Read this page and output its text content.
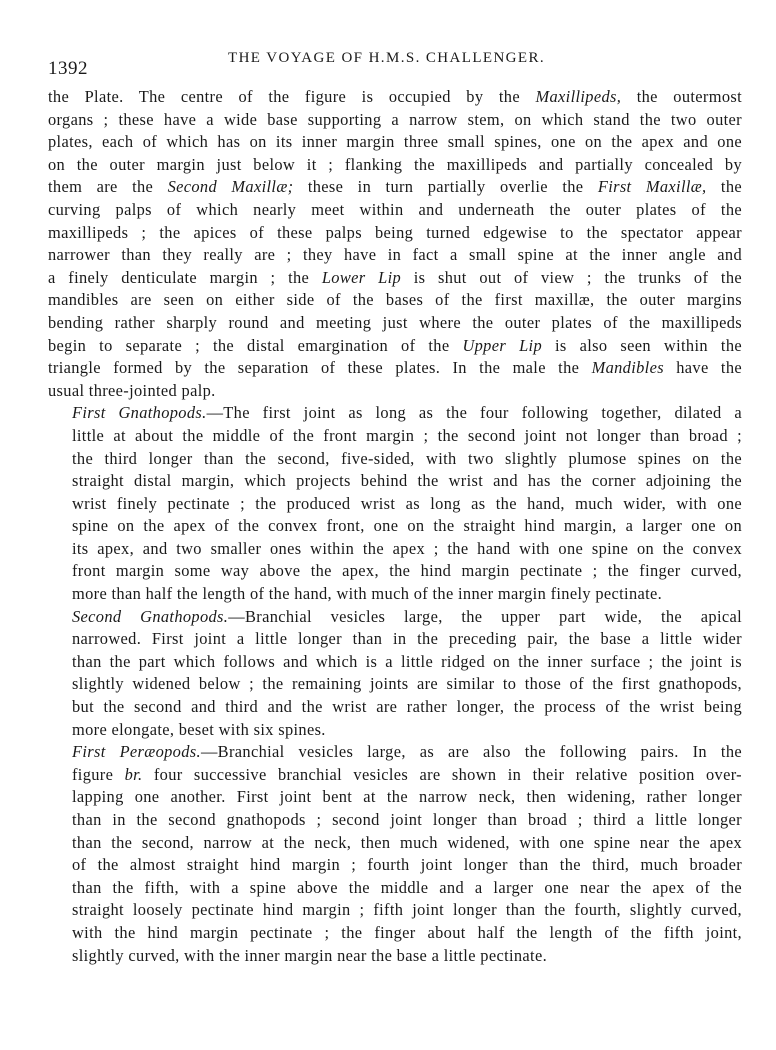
1392	THE VOYAGE OF H.M.S. CHALLENGER.

the Plate. The centre of the figure is occupied by the Maxillipeds, the outermost
organs ; these have a wide base supporting a narrow stem, on which stand the two outer
plates, each of which has on its inner margin three small spines, one on the apex and one
on the outer margin just below it ; flanking the maxillipeds and partially concealed by
them are the Second Maxillæ; these in turn partially overlie the First Maxillæ, the
curving palps of which nearly meet within and underneath the outer plates of the
maxillipeds ; the apices of these palps being turned edgewise to the spectator appear
narrower than they really are ; they have in fact a small spine at the inner angle and
a finely denticulate margin ; the Lower Lip is shut out of view ; the trunks of the
mandibles are seen on either side of the bases of the first maxillæ, the outer margins
bending rather sharply round and meeting just where the outer plates of the maxillipeds
begin to separate ; the distal emargination of the Upper Lip is also seen within the
triangle formed by the separation of these plates. In the male the Mandibles have the
usual three-jointed palp.

First Gnathopods.—The first joint as long as the four following together, dilated a
little at about the middle of the front margin ; the second joint not longer than broad ;
the third longer than the second, five-sided, with two slightly plumose spines on the
straight distal margin, which projects behind the wrist and has the corner adjoining the
wrist finely pectinate ; the produced wrist as long as the hand, much wider, with one
spine on the apex of the convex front, one on the straight hind margin, a larger one on
its apex, and two smaller ones within the apex ; the hand with one spine on the convex
front margin some way above the apex, the hind margin pectinate ; the finger curved,
more than half the length of the hand, with much of the inner margin finely pectinate.

Second Gnathopods.—Branchial vesicles large, the upper part wide, the apical
narrowed. First joint a little longer than in the preceding pair, the base a little wider
than the part which follows and which is a little ridged on the inner surface ; the joint is
slightly widened below ; the remaining joints are similar to those of the first gnathopods,
but the second and third and the wrist are rather longer, the process of the wrist being
more elongate, beset with six spines.

First Peræopods.—Branchial vesicles large, as are also the following pairs. In the
figure br. four successive branchial vesicles are shown in their relative position over-
lapping one another. First joint bent at the narrow neck, then widening, rather longer
than in the second gnathopods ; second joint longer than broad ; third a little longer
than the second, narrow at the neck, then much widened, with one spine near the apex
of the almost straight hind margin ; fourth joint longer than the third, much broader
than the fifth, with a spine above the middle and a larger one near the apex of the
straight loosely pectinate hind margin ; fifth joint longer than the fourth, slightly curved,
with the hind margin pectinate ; the finger about half the length of the fifth joint,
slightly curved, with the inner margin near the base a little pectinate.
